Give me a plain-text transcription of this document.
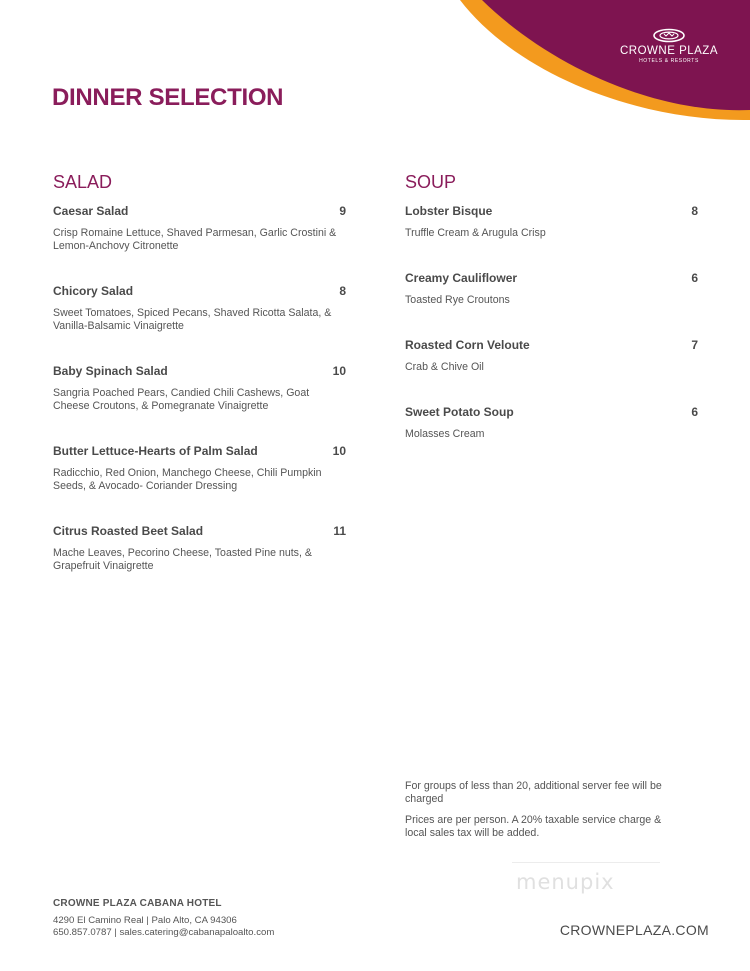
CROWNE PLAZA
HOTELS & RESORTS
DINNER SELECTION
SALAD
Caesar Salad	9
Crisp Romaine Lettuce, Shaved Parmesan, Garlic Crostini & Lemon-Anchovy Citronette
Chicory Salad	8
Sweet Tomatoes, Spiced Pecans, Shaved Ricotta Salata, & Vanilla-Balsamic Vinaigrette
Baby Spinach Salad	10
Sangria Poached Pears, Candied Chili Cashews, Goat Cheese Croutons, & Pomegranate Vinaigrette
Butter Lettuce-Hearts of Palm Salad	10
Radicchio, Red Onion, Manchego Cheese, Chili Pumpkin Seeds, & Avocado- Coriander Dressing
Citrus Roasted Beet Salad	11
Mache Leaves, Pecorino Cheese, Toasted Pine nuts, & Grapefruit Vinaigrette
SOUP
Lobster Bisque	8
Truffle Cream & Arugula Crisp
Creamy Cauliflower	6
Toasted Rye Croutons
Roasted Corn Veloute	7
Crab & Chive Oil
Sweet Potato Soup	6
Molasses Cream

For groups of less than 20, additional server fee will be charged

Prices are per person. A 20% taxable service charge & local sales tax will be added.

CROWNE PLAZA CABANA HOTEL
4290 El Camino Real | Palo Alto, CA 94306
650.857.0787 | sales.catering@cabanapaloalto.com
menupix
CROWNEPLAZA.COM
